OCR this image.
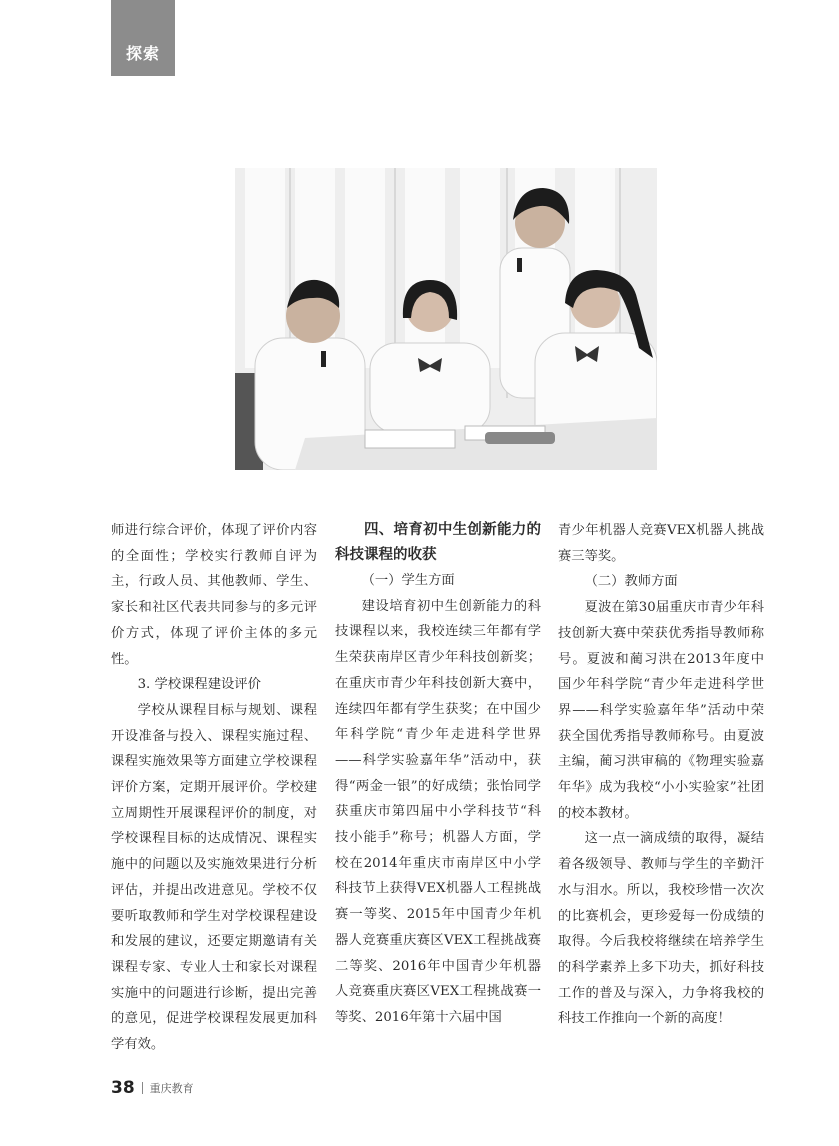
探索

师进行综合评价，体现了评价内容的全面性；学校实行教师自评为主，行政人员、其他教师、学生、家长和社区代表共同参与的多元评价方式，体现了评价主体的多元性。

3. 学校课程建设评价

学校从课程目标与规划、课程开设准备与投入、课程实施过程、课程实施效果等方面建立学校课程评价方案，定期开展评价。学校建立周期性开展课程评价的制度，对学校课程目标的达成情况、课程实施中的问题以及实施效果进行分析评估，并提出改进意见。学校不仅要听取教师和学生对学校课程建设和发展的建议，还要定期邀请有关课程专家、专业人士和家长对课程实施中的问题进行诊断，提出完善的意见，促进学校课程发展更加科学有效。

四、培育初中生创新能力的科技课程的收获

（一）学生方面

建设培育初中生创新能力的科技课程以来，我校连续三年都有学生荣获南岸区青少年科技创新奖；在重庆市青少年科技创新大赛中，连续四年都有学生获奖；在中国少年科学院“青少年走进科学世界——科学实验嘉年华”活动中，获得“两金一银”的好成绩；张怡同学获重庆市第四届中小学科技节“科技小能手”称号；机器人方面，学校在2014年重庆市南岸区中小学科技节上获得VEX机器人工程挑战赛一等奖、2015年中国青少年机器人竞赛重庆赛区VEX工程挑战赛二等奖、2016年中国青少年机器人竞赛重庆赛区VEX工程挑战赛一等奖、2016年第十六届中国

青少年机器人竞赛VEX机器人挑战赛三等奖。

（二）教师方面

夏波在第30届重庆市青少年科技创新大赛中荣获优秀指导教师称号。夏波和蔺习洪在2013年度中国少年科学院“青少年走进科学世界——科学实验嘉年华”活动中荣获全国优秀指导教师称号。由夏波主编，蔺习洪审稿的《物理实验嘉年华》成为我校“小小实验家”社团的校本教材。

这一点一滴成绩的取得，凝结着各级领导、教师与学生的辛勤汗水与泪水。所以，我校珍惜一次次的比赛机会，更珍爱每一份成绩的取得。今后我校将继续在培养学生的科学素养上多下功夫，抓好科技工作的普及与深入，力争将我校的科技工作推向一个新的高度！

38 重庆教育
